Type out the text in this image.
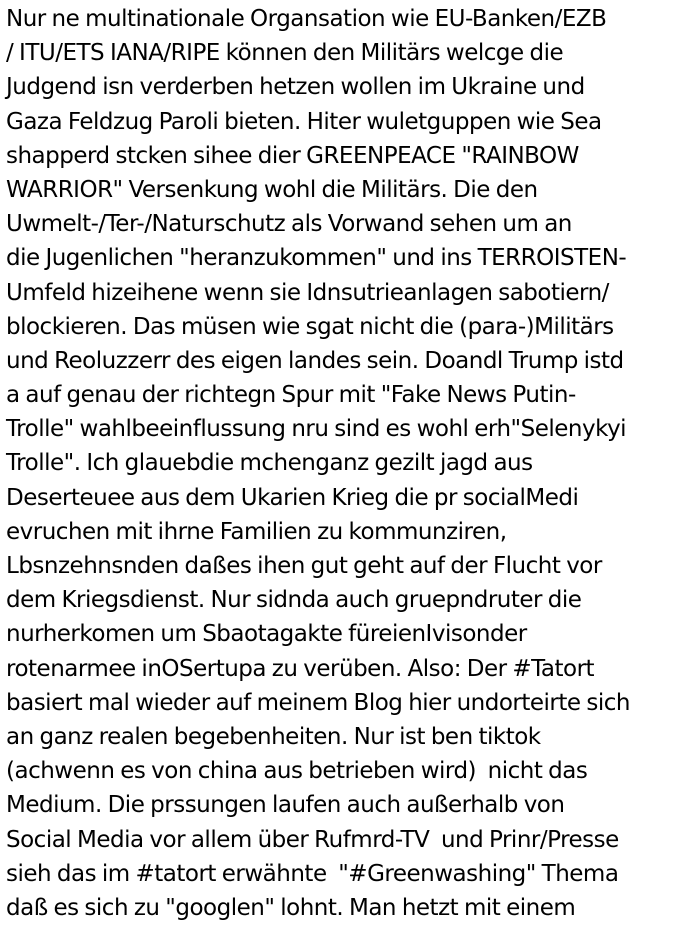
Nur ne multinationale Organsation wie EU-Banken/EZB
/ ITU/ETS IANA/RIPE können den Militärs welcge die
Judgend isn verderben hetzen wollen im Ukraine und
Gaza Feldzug Paroli bieten. Hiter wuletguppen wie Sea
shapperd stcken sihee dier GREENPEACE "RAINBOW
WARRIOR" Versenkung wohl die Militärs. Die den
Uwmelt-/Ter-/Naturschutz als Vorwand sehen um an
die Jugenlichen "heranzukommen" und ins TERROISTEN-
Umfeld hizeihene wenn sie Idnsutrieanlagen sabotiern/
blockieren. Das müsen wie sgat nicht die (para-)Militärs
und Reoluzzerr des eigen landes sein. Doandl Trump istd
a auf genau der richtegn Spur mit "Fake News Putin-
Trolle" wahlbeeinflussung nru sind es wohl erh"Selenykyi
Trolle". Ich glauebdie mchenganz gezilt jagd aus
Deserteuee aus dem Ukarien Krieg die pr socialMedi
evruchen mit ihrne Familien zu kommunziren,
Lbsnzehnsnden daßes ihen gut geht auf der Flucht vor
dem Kriegsdienst. Nur sidnda auch gruepndruter die
nurherkomen um Sbaotagakte füreienIvisonder
rotenarmee inOSertupa zu verüben. Also: Der #Tatort
basiert mal wieder auf meinem Blog hier undorteirte sich
an ganz realen begebenheiten. Nur ist ben tiktok
(achwenn es von china aus betrieben wird)  nicht das
Medium. Die prssungen laufen auch außerhalb von
Social Media vor allem über Rufmrd-TV  und Prinr/Presse
sieh das im #tatort erwähnte  "#Greenwashing" Thema
daß es sich zu "googlen" lohnt. Man hetzt mit einem
